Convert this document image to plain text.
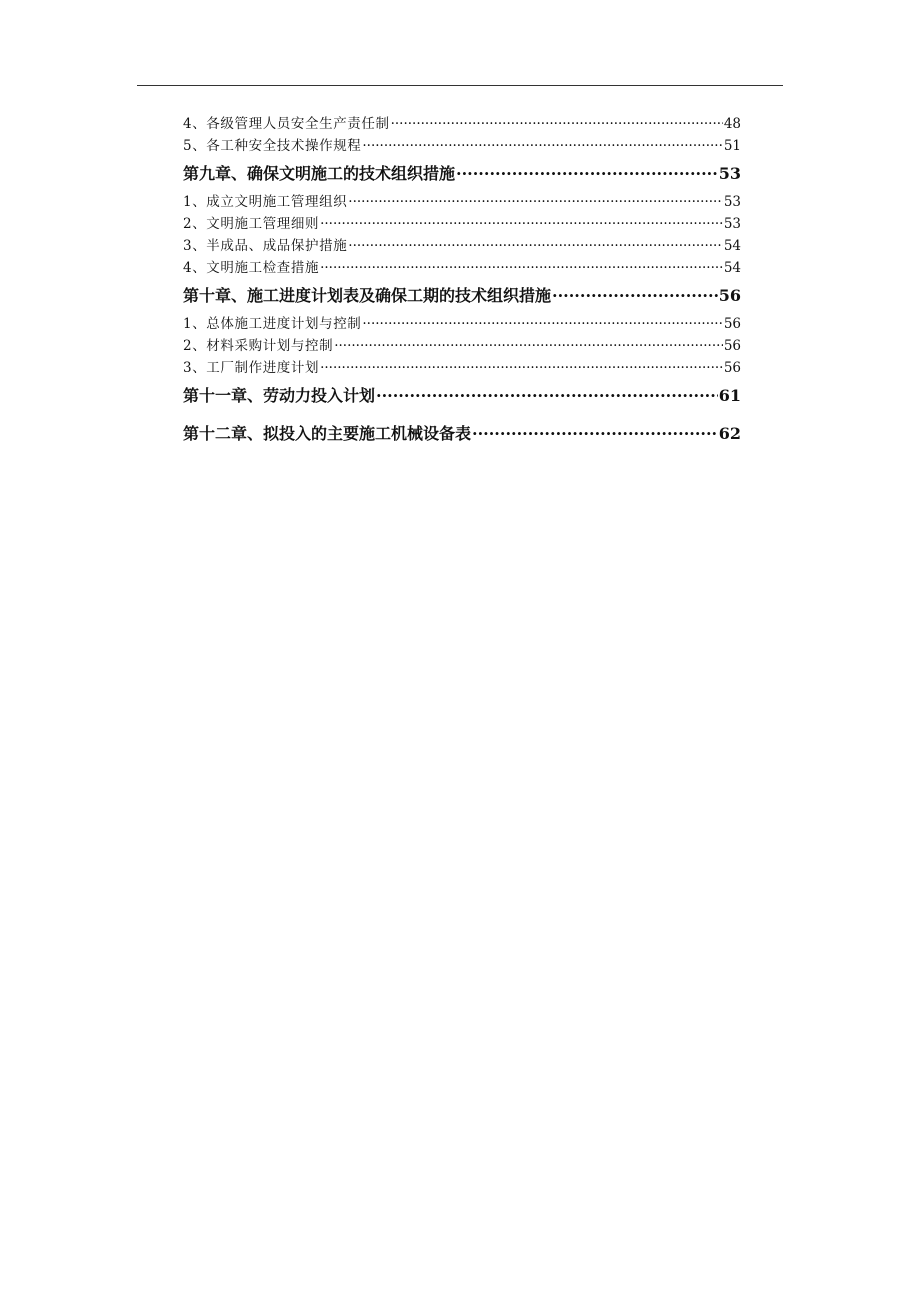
4、各级管理人员安全生产责任制 ·····	48
5、各工种安全技术操作规程 ·····	51
第九章、确保文明施工的技术组织措施 ·····	53
1、成立文明施工管理组织 ·····	53
2、文明施工管理细则 ·····	53
3、半成品、成品保护措施 ·····	54
4、文明施工检查措施 ·····	54
第十章、施工进度计划表及确保工期的技术组织措施 ·····	56
1、总体施工进度计划与控制 ·····	56
2、材料采购计划与控制 ·····	56
3、工厂制作进度计划 ·····	56
第十一章、劳动力投入计划 ·····	61
第十二章、拟投入的主要施工机械设备表 ·····	62
